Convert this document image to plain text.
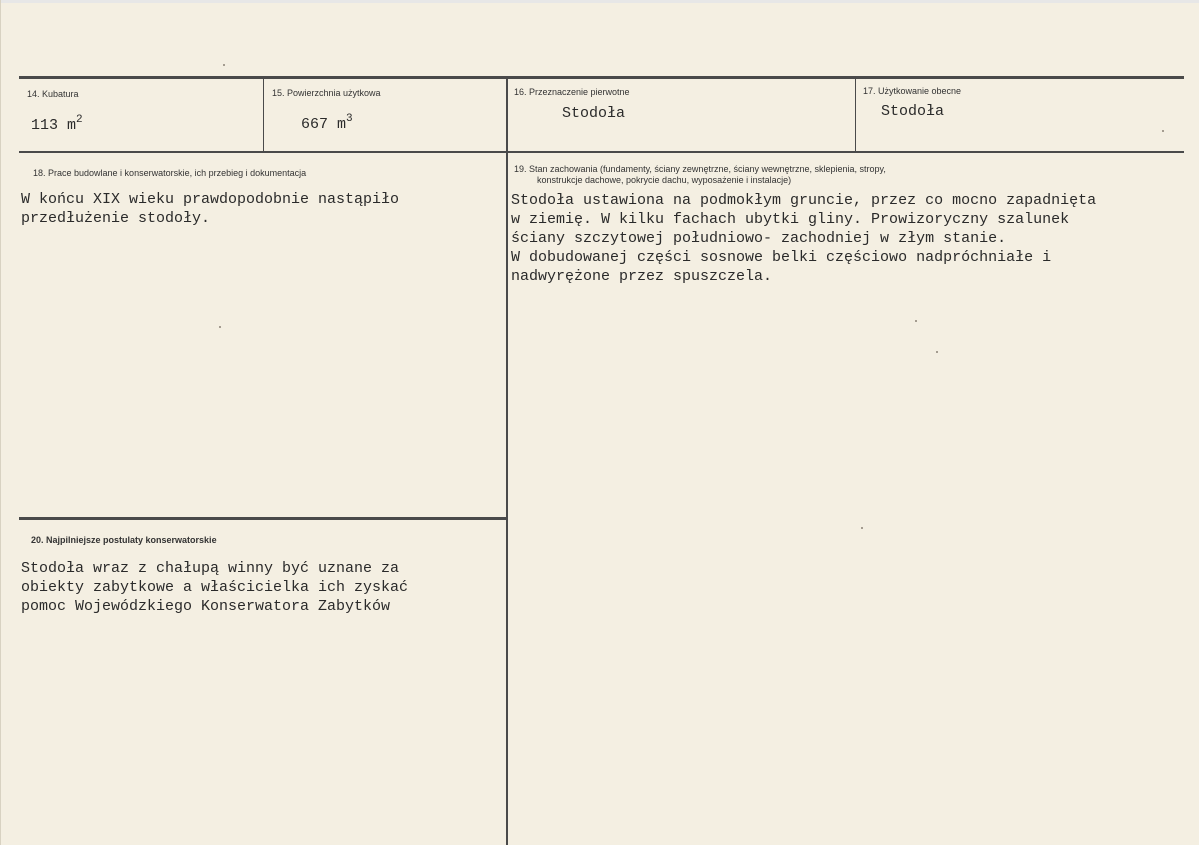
14. Kubatura
113 $m^2$
15. Powierzchnia użytkowa
667 $m^3$
16. Przeznaczenie pierwotne
Stodoła
17. Użytkowanie obecne
Stodoła
18. Prace budowlane i konserwatorskie, ich przebieg i dokumentacja
W końcu XIX wieku prawdopodobnie nastąpiło
przedłużenie stodoły.
19. Stan zachowania (fundamenty, ściany zewnętrzne, ściany wewnętrzne, sklepienia, stropy,
konstrukcje dachowe, pokrycie dachu, wyposażenie i instalacje)
Stodoła ustawiona na podmokłym gruncie, przez co mocno zapadnięta
w ziemię. W kilku fachach ubytki gliny. Prowizoryczny szalunek
ściany szczytowej południowo- zachodniej w złym stanie.
W dobudowanej części sosnowe belki częściowo nadpróchniałe i
nadwyrężone przez spuszczela.
20. Najpilniejsze postulaty konserwatorskie
Stodoła wraz z chałupą winny być uznane za
obiekty zabytkowe a właścicielka ich zyskać
pomoc Wojewódzkiego Konserwatora Zabytków
